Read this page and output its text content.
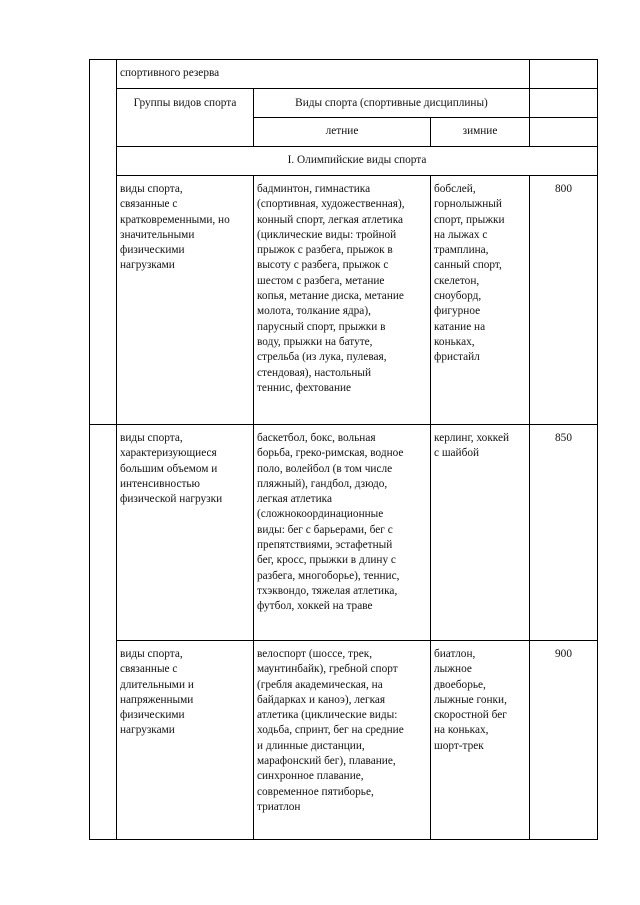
спортивного резерва
Группы видов спорта	Виды спорта (спортивные дисциплины)
летние	зимние
I. Олимпийские виды спорта
виды спорта,
связанные с
кратковременными, но
значительными
физическими
нагрузками
бадминтон, гимнастика
(спортивная, художественная),
конный спорт, легкая атлетика
(циклические виды: тройной
прыжок с разбега, прыжок в
высоту с разбега, прыжок с
шестом с разбега, метание
копья, метание диска, метание
молота, толкание ядра),
парусный спорт, прыжки в
воду, прыжки на батуте,
стрельба (из лука, пулевая,
стендовая), настольный
теннис, фехтование
бобслей,
горнолыжный
спорт, прыжки
на лыжах с
трамплина,
санный спорт,
скелетон,
сноуборд,
фигурное
катание на
коньках,
фристайл
800
виды спорта,
характеризующиеся
большим объемом и
интенсивностью
физической нагрузки
баскетбол, бокс, вольная
борьба, греко-римская, водное
поло, волейбол (в том числе
пляжный), гандбол, дзюдо,
легкая атлетика
(сложнокоординационные
виды: бег с барьерами, бег с
препятствиями, эстафетный
бег, кросс, прыжки в длину с
разбега, многоборье), теннис,
тхэквондо, тяжелая атлетика,
футбол, хоккей на траве
керлинг, хоккей
с шайбой
850
виды спорта,
связанные с
длительными и
напряженными
физическими
нагрузками
велоспорт (шоссе, трек,
маунтинбайк), гребной спорт
(гребля академическая, на
байдарках и каноэ), легкая
атлетика (циклические виды:
ходьба, спринт, бег на средние
и длинные дистанции,
марафонский бег), плавание,
синхронное плавание,
современное пятиборье,
триатлон
биатлон,
лыжное
двоеборье,
лыжные гонки,
скоростной бег
на коньках,
шорт-трек
900
